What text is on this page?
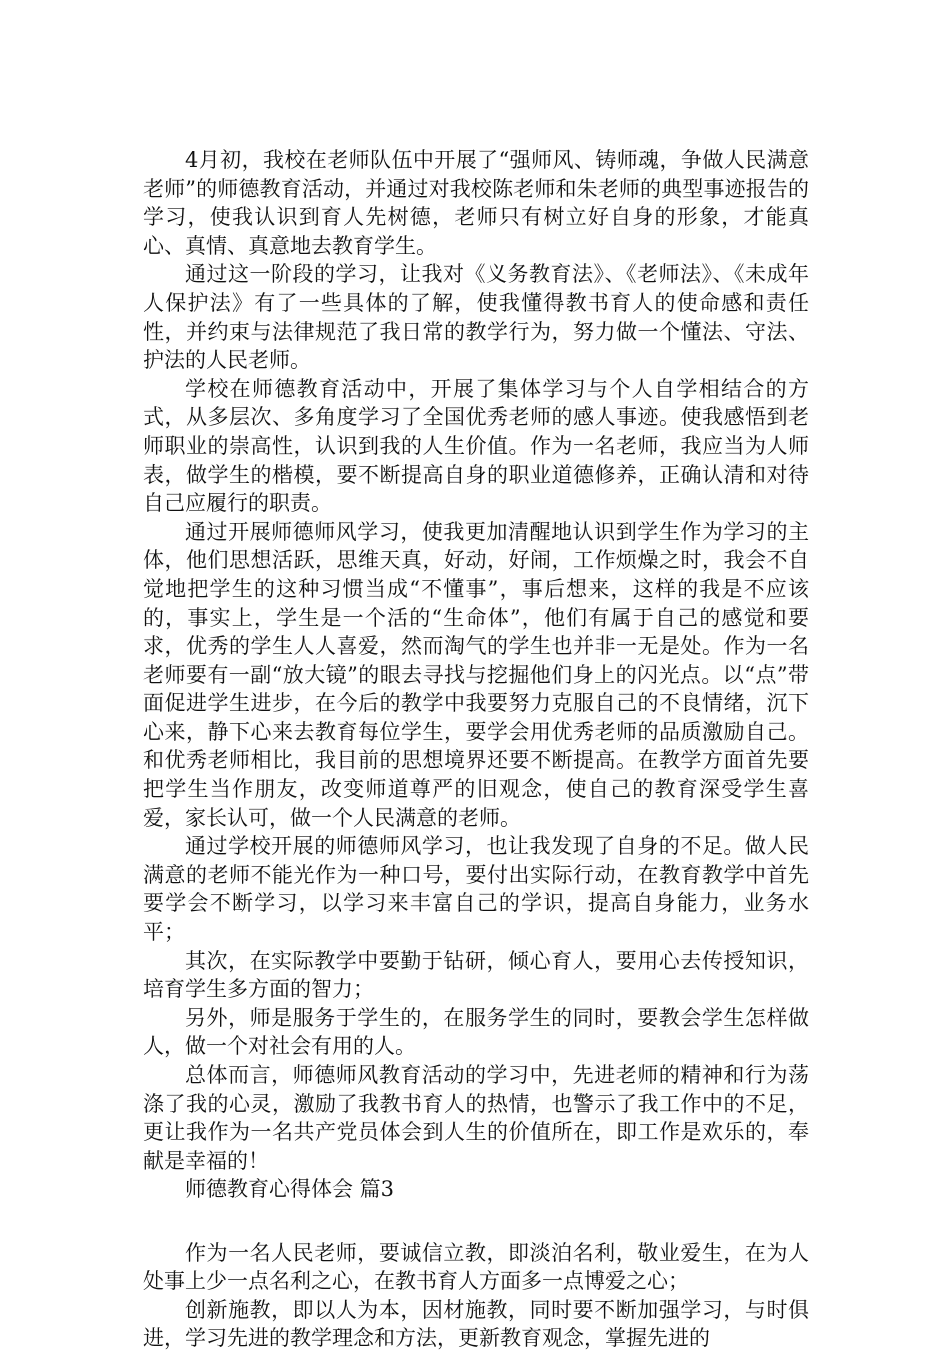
4月初，我校在老师队伍中开展了“强师风、铸师魂，争做人民满意老师”的师德教育活动，并通过对我校陈老师和朱老师的典型事迹报告的学习，使我认识到育人先树德，老师只有树立好自身的形象，才能真心、真情、真意地去教育学生。

通过这一阶段的学习，让我对《义务教育法》、《老师法》、《未成年人保护法》有了一些具体的了解，使我懂得教书育人的使命感和责任性，并约束与法律规范了我日常的教学行为，努力做一个懂法、守法、护法的人民老师。

学校在师德教育活动中，开展了集体学习与个人自学相结合的方式，从多层次、多角度学习了全国优秀老师的感人事迹。使我感悟到老师职业的崇高性，认识到我的人生价值。作为一名老师，我应当为人师表，做学生的楷模，要不断提高自身的职业道德修养，正确认清和对待自己应履行的职责。

通过开展师德师风学习，使我更加清醒地认识到学生作为学习的主体，他们思想活跃，思维天真，好动，好闹，工作烦燥之时，我会不自觉地把学生的这种习惯当成“不懂事”，事后想来，这样的我是不应该的，事实上，学生是一个活的“生命体”，他们有属于自己的感觉和要求，优秀的学生人人喜爱，然而淘气的学生也并非一无是处。作为一名老师要有一副“放大镜”的眼去寻找与挖掘他们身上的闪光点。以“点”带面促进学生进步，在今后的教学中我要努力克服自己的不良情绪，沉下心来，静下心来去教育每位学生，要学会用优秀老师的品质激励自己。和优秀老师相比，我目前的思想境界还要不断提高。在教学方面首先要把学生当作朋友，改变师道尊严的旧观念，使自己的教育深受学生喜爱，家长认可，做一个人民满意的老师。

通过学校开展的师德师风学习，也让我发现了自身的不足。做人民满意的老师不能光作为一种口号，要付出实际行动，在教育教学中首先要学会不断学习，以学习来丰富自己的学识，提高自身能力，业务水平；

其次，在实际教学中要勤于钻研，倾心育人，要用心去传授知识，培育学生多方面的智力；

另外，师是服务于学生的，在服务学生的同时，要教会学生怎样做人，做一个对社会有用的人。

总体而言，师德师风教育活动的学习中，先进老师的精神和行为荡涤了我的心灵，激励了我教书育人的热情，也警示了我工作中的不足，更让我作为一名共产党员体会到人生的价值所在，即工作是欢乐的，奉献是幸福的！

师德教育心得体会 篇3

作为一名人民老师，要诚信立教，即淡泊名利，敬业爱生，在为人处事上少一点名利之心，在教书育人方面多一点博爱之心；

创新施教，即以人为本，因材施教，同时要不断加强学习，与时俱进，学习先进的教学理念和方法，更新教育观念，掌握先进的
